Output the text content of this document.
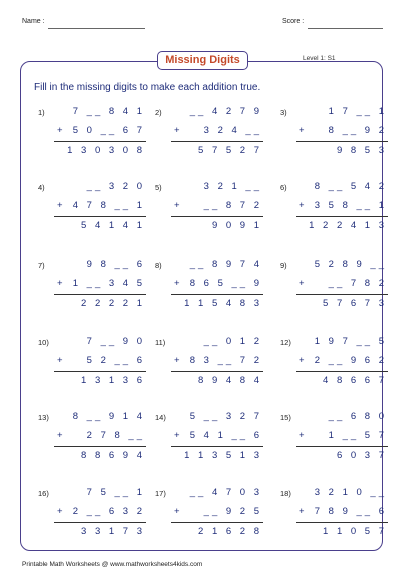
Name :	Score :
Missing Digits	Level 1: S1
Fill in the missing digits to make each addition true.
1)	7 __ 8 4 1
+ 5 0 __ 6 7
1 3 0 3 0 8
2)	__ 4 2 7 9
+	3 2 4 __
5 7 5 2 7
3)	1 7 __ 1
+	8 __ 9 2
9 8 5 3
4)	__ 3 2 0
+ 4 7 8 __ 1
5 4 1 4 1
5)	3 2 1 __
+	__ 8 7 2
9 0 9 1
6)	8 __ 5 4 2
+ 3 5 8 __ 1
1 2 2 4 1 3
7)	9 8 __ 6
+ 1 __ 3 4 5
2 2 2 2 1
8)	__ 8 9 7 4
+ 8 6 5 __ 9
1 1 5 4 8 3
9)	5 2 8 9 __
+	__ 7 8 2
5 7 6 7 3
10)	7 __ 9 0
+	5 2 __ 6
1 3 1 3 6
11)	__ 0 1 2
+ 8 3 __ 7 2
8 9 4 8 4
12)	1 9 7 __ 5
+ 2 __ 9 6 2
4 8 6 6 7
13)	8 __ 9 1 4
+	2 7 8 __
8 8 6 9 4
14)	5 __ 3 2 7
+ 5 4 1 __ 6
1 1 3 5 1 3
15)	__ 6 8 0
+	1 __ 5 7
6 0 3 7
16)	7 5 __ 1
+ 2 __ 6 3 2
3 3 1 7 3
17)	__ 4 7 0 3
+	__ 9 2 5
2 1 6 2 8
18)	3 2 1 0 __
+ 7 8 9 __ 6
1 1 0 5 7
Printable Math Worksheets @ www.mathworksheets4kids.com
